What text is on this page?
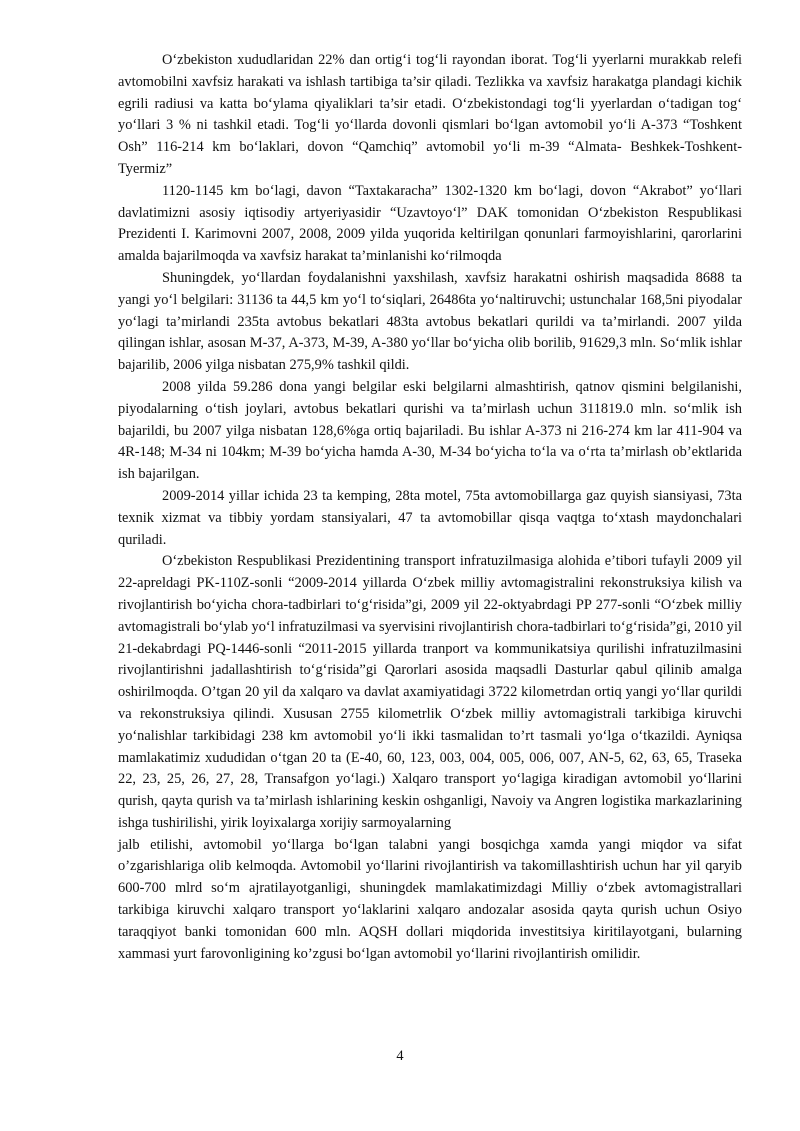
O‘zbekiston xududlaridan 22% dan ortig‘i tog‘li rayondan iborat. Tog‘li yyerlarni murakkab relefi avtomobilni xavfsiz harakati va ishlash tartibiga ta’sir qiladi. Tezlikka va xavfsiz harakatga plandagi kichik egrili radiusi va katta bo‘ylama qiyaliklari ta’sir etadi. O‘zbekistondagi tog‘li yyerlardan o‘tadigan tog‘ yo‘llari 3 % ni tashkil etadi. Tog‘li yo‘llarda dovonli qismlari bo‘lgan avtomobil yo‘li A-373 “Toshkent Osh” 116-214 km bo‘laklari, dovon “Qamchiq” avtomobil yo‘li m-39 “Almata- Beshkek-Toshkent- Tyermiz”

1120-1145 km bo‘lagi, davon “Taxtakaracha” 1302-1320 km bo‘lagi, dovon “Akrabot” yo‘llari davlatimizni asosiy iqtisodiy artyeriyasidir “Uzavtoyo‘l” DAK tomonidan O‘zbekiston Respublikasi Prezidenti I. Karimovni 2007, 2008, 2009 yilda yuqorida keltirilgan qonunlari farmoyishlarini, qarorlarini amalda bajarilmoqda va xavfsiz harakat ta’minlanishi ko‘rilmoqda

Shuningdek, yo‘llardan foydalanishni yaxshilash, xavfsiz harakatni oshirish maqsadida 8688 ta yangi yo‘l belgilari: 31136 ta 44,5 km yo‘l to‘siqlari, 26486ta yo‘naltiruvchi; ustunchalar 168,5ni piyodalar yo‘lagi ta’mirlandi 235ta avtobus bekatlari 483ta avtobus bekatlari qurildi va ta’mirlandi. 2007 yilda qilingan ishlar, asosan M-37, A-373, M-39, A-380 yo‘llar bo‘yicha olib borilib, 91629,3 mln. So‘mlik ishlar bajarilib, 2006 yilga nisbatan 275,9% tashkil qildi.

2008 yilda 59.286 dona yangi belgilar eski belgilarni almashtirish, qatnov qismini belgilanishi, piyodalarning o‘tish joylari, avtobus bekatlari qurishi va ta’mirlash uchun 311819.0 mln. so‘mlik ish bajarildi, bu 2007 yilga nisbatan 128,6%ga ortiq bajariladi. Bu ishlar A-373 ni 216-274 km lar 411-904 va 4R-148; M-34 ni 104km; M-39 bo‘yicha hamda A-30, M-34 bo‘yicha to‘la va o‘rta ta’mirlash ob’ektlarida ish bajarilgan.

2009-2014 yillar ichida 23 ta kemping, 28ta motel, 75ta avtomobillarga gaz quyish siansiyasi, 73ta texnik xizmat va tibbiy yordam stansiyalari, 47 ta avtomobillar qisqa vaqtga to‘xtash maydonchalari quriladi.

O‘zbekiston Respublikasi Prezidentining transport infratuzilmasiga alohida e’tibori tufayli 2009 yil 22-apreldagi PK-110Z-sonli “2009-2014 yillarda O‘zbek milliy avtomagistralini rekonstruksiya kilish va rivojlantirish bo‘yicha chora-tadbirlari to‘g‘risida”gi, 2009 yil 22-oktyabrdagi PP 277-sonli “O‘zbek milliy avtomagistrali bo‘ylab yo‘l infratuzilmasi va syervisini rivojlantirish chora-tadbirlari to‘g‘risida”gi, 2010 yil 21-dekabrdagi PQ-1446-sonli “2011-2015 yillarda tranport va kommunikatsiya qurilishi infratuzilmasini rivojlantirishni jadallashtirish to‘g‘risida”gi Qarorlari asosida maqsadli Dasturlar qabul qilinib amalga oshirilmoqda. O’tgan 20 yil da xalqaro va davlat axamiyatidagi 3722 kilometrdan ortiq yangi yo‘llar qurildi va rekonstruksiya qilindi. Xususan 2755 kilometrlik O‘zbek milliy avtomagistrali tarkibiga kiruvchi yo‘nalishlar tarkibidagi 238 km avtomobil yo‘li ikki tasmalidan to’rt tasmali yo‘lga o‘tkazildi. Ayniqsa mamlakatimiz xududidan o‘tgan 20 ta (E-40, 60, 123, 003, 004, 005, 006, 007, AN-5, 62, 63, 65, Traseka 22, 23, 25, 26, 27, 28, Transafgon yo‘lagi.) Xalqaro transport yo‘lagiga kiradigan avtomobil yo‘llarini qurish, qayta qurish va ta’mirlash ishlarining keskin oshganligi, Navoiy va Angren logistika markazlarining ishga tushirilishi, yirik loyixalarga xorijiy sarmoyalarning

jalb etilishi, avtomobil yo‘llarga bo‘lgan talabni yangi bosqichga xamda yangi miqdor va sifat o’zgarishlariga olib kelmoqda. Avtomobil yo‘llarini rivojlantirish va takomillashtirish uchun har yil qaryib 600-700 mlrd so‘m ajratilayotganligi, shuningdek mamlakatimizdagi Milliy o‘zbek avtomagistrallari tarkibiga kiruvchi xalqaro transport yo‘laklarini xalqaro andozalar asosida qayta qurish uchun Osiyo taraqqiyot banki tomonidan 600 mln. AQSH dollari miqdorida investitsiya kiritilayotgani, bularning xammasi yurt farovonligining ko’zgusi bo‘lgan avtomobil yo‘llarini rivojlantirish omilidir.

4
